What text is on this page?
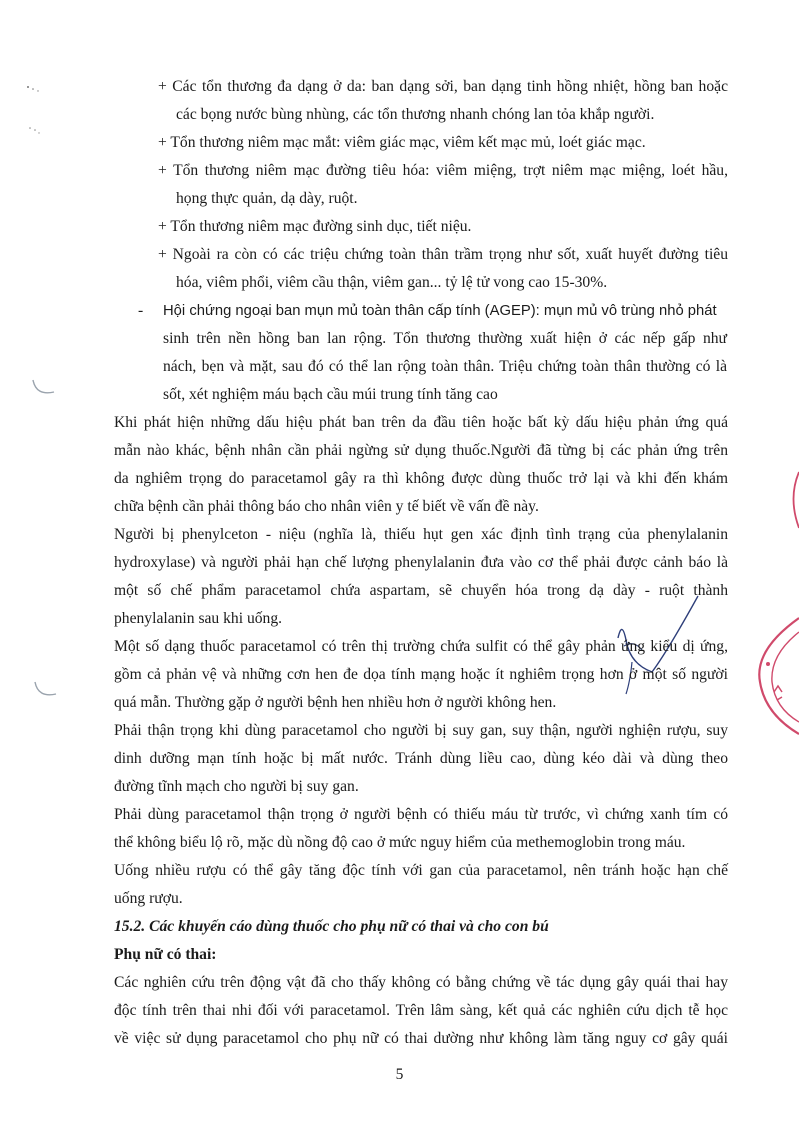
+ Các tổn thương đa dạng ở da: ban dạng sởi, ban dạng tinh hồng nhiệt, hồng ban hoặc
các bọng nước bùng nhùng, các tổn thương nhanh chóng lan tỏa khắp người.
+ Tổn thương niêm mạc mắt: viêm giác mạc, viêm kết mạc mủ, loét giác mạc.
+ Tổn thương niêm mạc đường tiêu hóa: viêm miệng, trợt niêm mạc miệng, loét hầu,
họng thực quản, dạ dày, ruột.
+ Tổn thương niêm mạc đường sinh dục, tiết niệu.
+ Ngoài ra còn có các triệu chứng toàn thân trầm trọng như sốt, xuất huyết đường tiêu
hóa, viêm phổi, viêm cầu thận, viêm gan... tỷ lệ tử vong cao 15-30%.
- Hội chứng ngoại ban mụn mủ toàn thân cấp tính (AGEP): mụn mủ vô trùng nhỏ phát
sinh trên nền hồng ban lan rộng. Tổn thương thường xuất hiện ở các nếp gấp như
nách, bẹn và mặt, sau đó có thể lan rộng toàn thân. Triệu chứng toàn thân thường có là
sốt, xét nghiệm máu bạch cầu múi trung tính tăng cao
Khi phát hiện những dấu hiệu phát ban trên da đầu tiên hoặc bất kỳ dấu hiệu phản ứng quá
mẫn nào khác, bệnh nhân cần phải ngừng sử dụng thuốc.Người đã từng bị các phản ứng trên
da nghiêm trọng do paracetamol gây ra thì không được dùng thuốc trở lại và khi đến khám
chữa bệnh cần phải thông báo cho nhân viên y tế biết về vấn đề này.
Người bị phenylceton - niệu (nghĩa là, thiếu hụt gen xác định tình trạng của phenylalanin
hydroxylase) và người phải hạn chế lượng phenylalanin đưa vào cơ thể phải được cảnh báo là
một số chế phẩm paracetamol chứa aspartam, sẽ chuyển hóa trong dạ dày - ruột thành
phenylalanin sau khi uống.
Một số dạng thuốc paracetamol có trên thị trường chứa sulfit có thể gây phản ứng kiểu dị ứng,
gồm cả phản vệ và những cơn hen đe dọa tính mạng hoặc ít nghiêm trọng hơn ở một số người
quá mẫn. Thường gặp ở người bệnh hen nhiều hơn ở người không hen.
Phải thận trọng khi dùng paracetamol cho người bị suy gan, suy thận, người nghiện rượu, suy
dinh dưỡng mạn tính hoặc bị mất nước. Tránh dùng liều cao, dùng kéo dài và dùng theo
đường tĩnh mạch cho người bị suy gan.
Phải dùng paracetamol thận trọng ở người bệnh có thiếu máu từ trước, vì chứng xanh tím có
thể không biểu lộ rõ, mặc dù nồng độ cao ở mức nguy hiểm của methemoglobin trong máu.
Uống nhiều rượu có thể gây tăng độc tính với gan của paracetamol, nên tránh hoặc hạn chế
uống rượu.
15.2. Các khuyến cáo dùng thuốc cho phụ nữ có thai và cho con bú
Phụ nữ có thai:
Các nghiên cứu trên động vật đã cho thấy không có bằng chứng về tác dụng gây quái thai hay
độc tính trên thai nhi đối với paracetamol. Trên lâm sàng, kết quả các nghiên cứu dịch tễ học
về việc sử dụng paracetamol cho phụ nữ có thai dường như không làm tăng nguy cơ gây quái
5
